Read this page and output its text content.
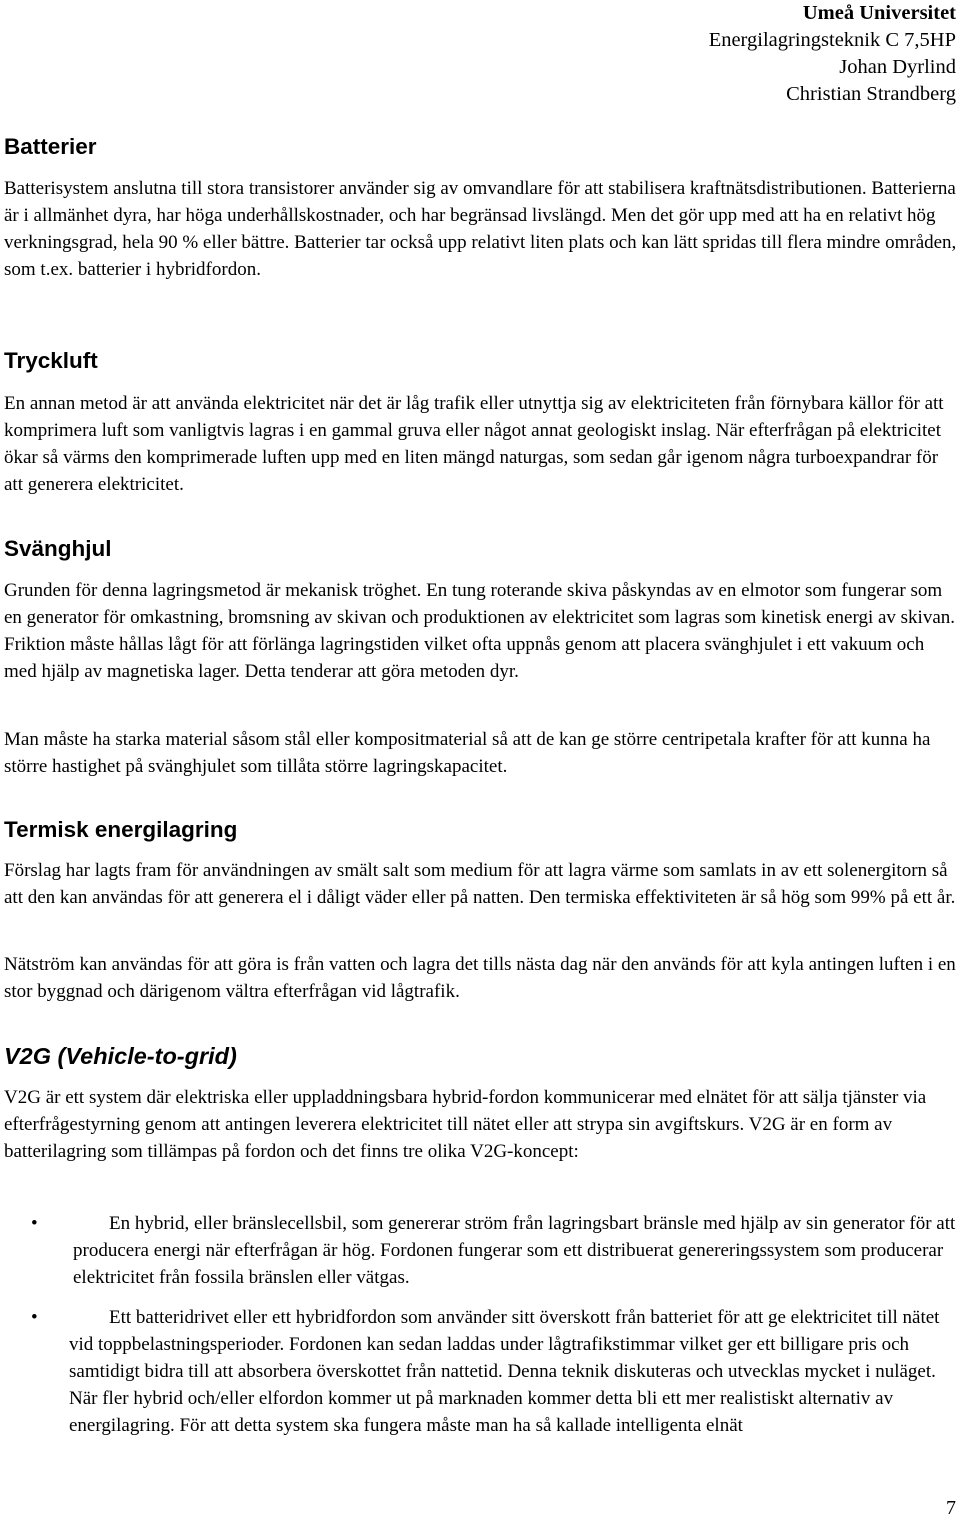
Umeå Universitet
Energilagringsteknik C 7,5HP
Johan Dyrlind
Christian Strandberg
Batterier

Batterisystem anslutna till stora transistorer använder sig av omvandlare för att stabilisera kraftnätsdistributionen. Batterierna är i allmänhet dyra, har höga underhållskostnader, och har begränsad livslängd. Men det gör upp med att ha en relativt hög verkningsgrad, hela 90 % eller bättre. Batterier tar också upp relativt liten plats och kan lätt spridas till flera mindre områden, som t.ex. batterier i hybridfordon.

Tryckluft

En annan metod är att använda elektricitet när det är låg trafik eller utnyttja sig av elektriciteten från förnybara källor för att komprimera luft som vanligtvis lagras i en gammal gruva eller något annat geologiskt inslag. När efterfrågan på elektricitet ökar så värms den komprimerade luften upp med en liten mängd naturgas, som sedan går igenom några turboexpandrar för att generera elektricitet.

Svänghjul

Grunden för denna lagringsmetod är mekanisk tröghet. En tung roterande skiva påskyndas av en elmotor som fungerar som en generator för omkastning, bromsning av skivan och produktionen av elektricitet som lagras som kinetisk energi av skivan. Friktion måste hållas lågt för att förlänga lagringstiden vilket ofta uppnås genom att placera svänghjulet i ett vakuum och med hjälp av magnetiska lager. Detta tenderar att göra metoden dyr.

Man måste ha starka material såsom stål eller kompositmaterial så att de kan ge större centripetala krafter för att kunna ha större hastighet på svänghjulet som tillåta större lagringskapacitet.

Termisk energilagring

Förslag har lagts fram för användningen av smält salt som medium för att lagra värme som samlats in av ett solenergitorn så att den kan användas för att generera el i dåligt väder eller på natten. Den termiska effektiviteten är så hög som 99% på ett år.

Nätström kan användas för att göra is från vatten och lagra det tills nästa dag när den används för att kyla antingen luften i en stor byggnad och därigenom vältra efterfrågan vid lågtrafik.

V2G (Vehicle-to-grid)

V2G är ett system där elektriska eller uppladdningsbara hybrid-fordon kommunicerar med elnätet för att sälja tjänster via efterfrågestyrning genom att antingen leverera elektricitet till nätet eller att strypa sin avgiftskurs. V2G är en form av batterilagring som tillämpas på fordon och det finns tre olika V2G-koncept:

•	En hybrid, eller bränslecellsbil, som genererar ström från lagringsbart bränsle med hjälp av sin generator för att producera energi när efterfrågan är hög. Fordonen fungerar som ett distribuerat genereringssystem som producerar elektricitet från fossila bränslen eller vätgas.

•	Ett batteridrivet eller ett hybridfordon som använder sitt överskott från batteriet för att ge elektricitet till nätet vid toppbelastningsperioder. Fordonen kan sedan laddas under lågtrafikstimmar vilket ger ett billigare pris och samtidigt bidra till att absorbera överskottet från nattetid. Denna teknik diskuteras och utvecklas mycket i nuläget. När fler hybrid och/eller elfordon kommer ut på marknaden kommer detta bli ett mer realistiskt alternativ av energilagring. För att detta system ska fungera måste man ha så kallade intelligenta elnät

7
